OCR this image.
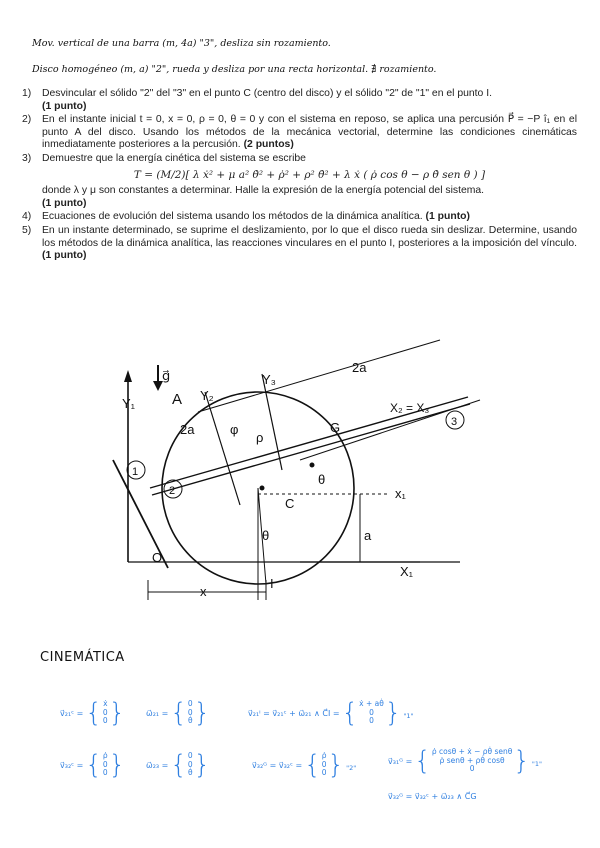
Mov. vertical de una barra (m, 4a) "3", desliza sin rozamiento.
Disco homogéneo (m, a) "2", rueda y desliza por una recta horizontal. ∄ rozamiento.
1) Desvincular el sólido "2" del "3" en el punto C (centro del disco) y el sólido "2" de "1" en el punto I.
(1 punto)

2) En el instante inicial t = 0, x = 0, ρ = 0, θ = 0 y con el sistema en reposo, se aplica una percusión P⃗ = −P î₁ en el punto A del disco. Usando los métodos de la mecánica vectorial, determine las condiciones cinemáticas inmediatamente posteriores a la percusión. (2 puntos)

3) Demuestre que la energía cinética del sistema se escribe

T = (M/2)[ λ ẋ² + μ a² θ̇² + ρ̇² + ρ² θ̇² + λ ẋ ( ρ̇ cos θ − ρ θ̇ sen θ ) ]

donde λ y μ son constantes a determinar. Halle la expresión de la energía potencial del sistema.
(1 punto)

4) Ecuaciones de evolución del sistema usando los métodos de la dinámica analítica. (1 punto)

5) En un instante determinado, se suprime el deslizamiento, por lo que el disco rueda sin deslizar. Determine, usando los métodos de la dinámica analítica, las reacciones vinculares en el punto I, posteriores a la imposición del vínculo. (1 punto)

g⃗
A
Y₁
Y₂
Y₃
2a
2a	φ
ρ
G
X₂ = X₃
3
1
2
θ
x₁
C
a
θ
X₁
O
I
x
CINEMÁTICA
v⃗₂₁ᶜ = { ẋ
0
0 }	ω⃗₂₁ = { 0
0
θ̇ }	v⃗₂₁ᴵ = v⃗₂₁ᶜ + ω⃗₂₁ ∧ C⃗I = { ẋ + aθ̇
0
0 } "1"
v⃗₃₂ᶜ = { ρ̇
0
0 }	ω⃗₂₃ = { 0
0
θ̇ }	v⃗₃₂ᴳ = v⃗₃₂ᶜ = { ρ̇
0
0 } "2"
v⃗₃₁ᴳ = { ρ̇ cosθ + ẋ − ρθ̇ senθ
ρ̇ senθ + ρθ̇ cosθ
0 } "1"
v⃗₃₂ᴳ = v⃗₃₂ᶜ + ω⃗₂₃ ∧ C⃗G
